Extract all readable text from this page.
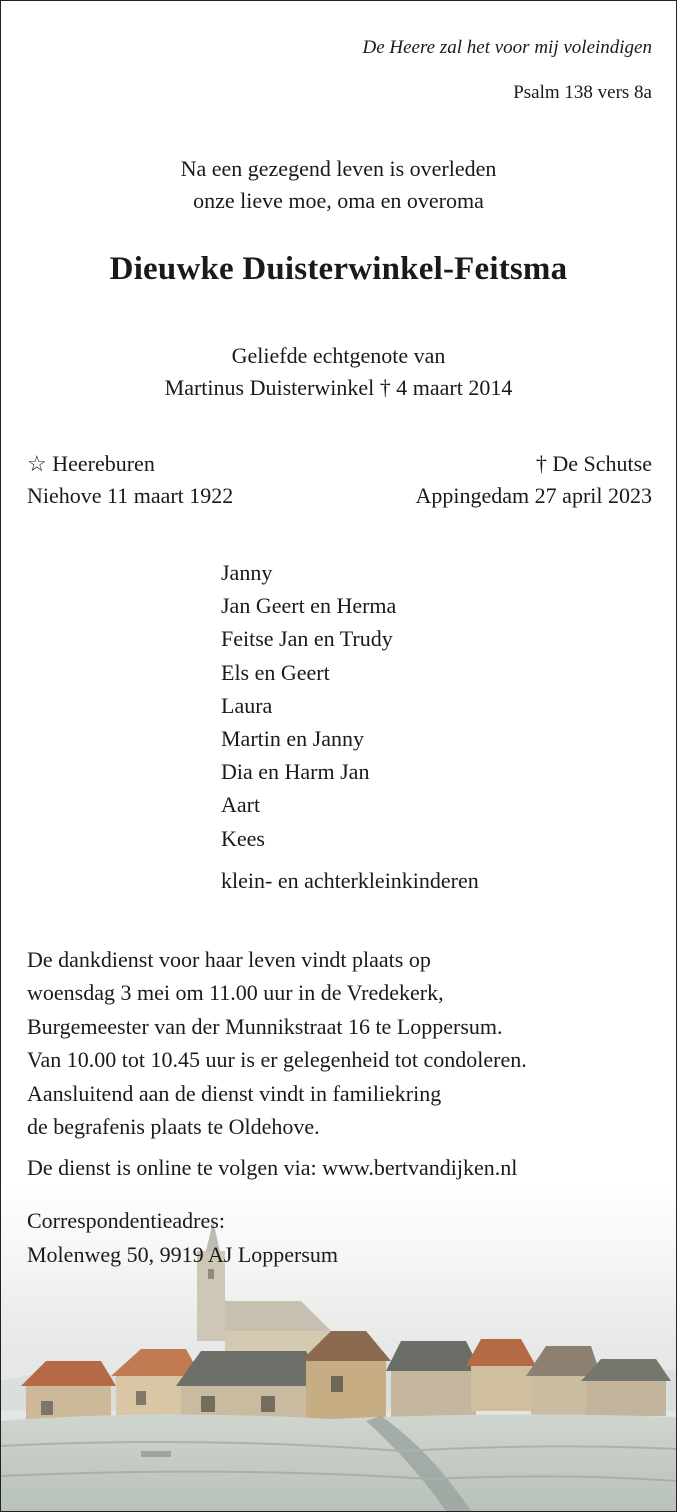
De Heere zal het voor mij voleindigen
Psalm 138 vers 8a
Na een gezegend leven is overleden
onze lieve moe, oma en overoma
Dieuwke Duisterwinkel-Feitsma
Geliefde echtgenote van
Martinus Duisterwinkel † 4 maart 2014
☆ Heereburen
Niehove 11 maart 1922
† De Schutse
Appingedam 27 april 2023
Janny
Jan Geert en Herma
Feitse Jan en Trudy
Els en Geert
Laura
Martin en Janny
Dia en Harm Jan
Aart
Kees
klein- en achterkleinkinderen
De dankdienst voor haar leven vindt plaats op
woensdag 3 mei om 11.00 uur in de Vredekerk,
Burgemeester van der Munnikstraat 16 te Loppersum.
Van 10.00 tot 10.45 uur is er gelegenheid tot condoleren.
Aansluitend aan de dienst vindt in familiekring
de begrafenis plaats te Oldehove.
De dienst is online te volgen via: www.bertvandijken.nl
Correspondentieadres:
Molenweg 50, 9919 AJ Loppersum
